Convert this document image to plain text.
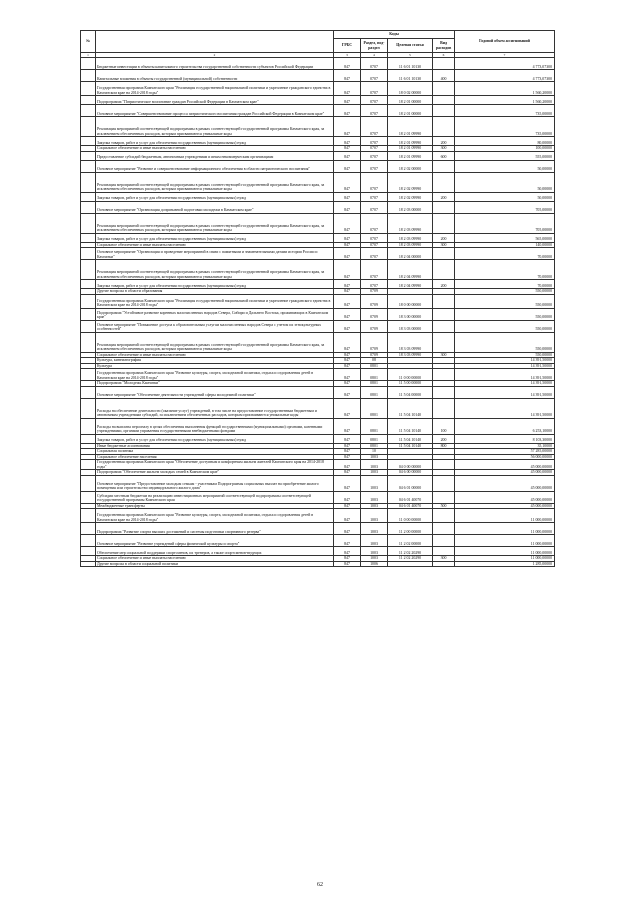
№		Коды				Годовой объем ассигнований
		ГРБС	Раздел, под-раздел	Целевая статья	Вид расходов	
1	2	3	4	5	6	7
	Бюджетные инвестиции в объекты капитального строительства государственной собственности субъектов Российской Федерации	847	0707	11 6 01 10130		4 773,07300
	Капитальные вложения в объекты государственной (муниципальной) собственности	847	0707	11 6 01 10130	400	4 773,07300
	Государственная программа Камчатского края "Реализация государственной национальной политики и укрепление гражданского единства в Камчатском крае на 2014-2018 годы"	847	0707	18 0 02 00000		1 560,20000
	Подпрограмма "Патриотическое воспитание граждан Российской Федерации в Камчатском крае"	847	0707	18 2 01 00000		1 560,20000
	Основное мероприятие "Совершенствование процесса патриотического воспитания граждан Российской Федерации в Камчатском крае"	847	0707	18 2 01 00000		735,00000
	Реализация мероприятий соответствующей подпрограммы в рамках соответствующей государственной программы Камчатского края, за исключением обеспеченных расходов, которым присваиваются уникальные коды	847	0707	18 2 01 09990		735,00000
	Закупка товаров, работ и услуг для обеспечения государственных (муниципальных) нужд	847	0707	18 2 01 09990	200	80,00000
	Социальное обеспечение и иные выплаты населению	847	0707	18 2 01 09990	300	100,00000
	Предоставление субсидий бюджетным, автономным учреждениям и иным некоммерческим организациям	847	0707	18 2 01 09990	600	555,00000
	Основное мероприятие "Развитие и совершенствование информационного обеспечения в области патриотического воспитания"	847	0707	18 2 02 00000		50,00000
	Реализация мероприятий соответствующей подпрограммы в рамках соответствующей государственной программы Камчатского края, за исключением обеспеченных расходов, которым присваиваются уникальные коды	847	0707	18 2 02 09990		50,00000
	Закупка товаров, работ и услуг для обеспечения государственных (муниципальных) нужд	847	0707	18 2 02 09990	200	50,00000
	Основное мероприятие "Организация допризывной подготовки молодежи в Камчатском крае"	847	0707	18 2 03 00000		705,00000
	Реализация мероприятий соответствующей подпрограммы в рамках соответствующей государственной программы Камчатского края, за исключением обеспеченных расходов, которым присваиваются уникальные коды	847	0707	18 2 03 09990		705,00000
	Закупка товаров, работ и услуг для обеспечения государственных (муниципальных) нужд	847	0707	18 2 03 09990	200	565,00000
	Социальное обеспечение и иные выплаты населению	847	0707	18 2 03 09990	300	140,00000
	Основное мероприятие "Организация и проведение мероприятий в связи с памятными и знаменательными датами истории России и Камчатки"	847	0707	18 2 04 00000		70,00000
	Реализация мероприятий соответствующей подпрограммы в рамках соответствующей государственной программы Камчатского края, за исключением обеспеченных расходов, которым присваиваются уникальные коды	847	0707	18 2 04 09990		70,00000
	Закупка товаров, работ и услуг для обеспечения государственных (муниципальных) нужд	847	0707	18 2 04 09990	200	70,00000
	Другие вопросы в области образования	847	0709			550,00000
	Государственная программа Камчатского края "Реализация государственной национальной политики и укрепление гражданского единства в Камчатском крае на 2014-2018 годы"	847	0709	18 0 00 00000		550,00000
	Подпрограмма "Устойчивое развитие коренных малочисленных народов Севера, Сибири и Дальнего Востока, проживающих в Камчатском крае"	847	0709	18 3 00 00000		550,00000
	Основное мероприятие "Повышение доступа к образовательным услугам малочисленных народов Севера с учетом их этнокультурных особенностей"	847	0709	18 3 03 00000		550,00000
	Реализация мероприятий соответствующей подпрограммы в рамках соответствующей государственной программы Камчатского края, за исключением обеспеченных расходов, которым присваиваются уникальные коды	847	0709	18 3 03 09990		550,00000
	Социальное обеспечение и иные выплаты населению	847	0709	18 3 03 09990	300	550,00000
	Культура, кинематография	847	08			14 391,50000
	Культура	847	0801			14 391,50000
	Государственная программа Камчатского края "Развитие культуры, спорта, молодежной политики, отдыха и оздоровления детей в Камчатском крае на 2014-2018 годы"	847	0801	11 0 00 00000		14 391,50000
	Подпрограмма "Молодежь Камчатки"	847	0801	11 5 00 00000		14 391,50000
	Основное мероприятие "Обеспечение деятельности учреждений сферы молодежной политики"	847	0801	11 5 04 00000		14 391,50000
	Расходы на обеспечение деятельности (оказание услуг) учреждений, в том числе на предоставление государственным бюджетным и автономным учреждениям субсидий, за исключением обеспеченных расходов, которым присваиваются уникальные коды	847	0801	11 5 04 10140		14 391,50000
	Расходы на выплаты персоналу в целях обеспечения выполнения функций государственными (муниципальными) органами, казенными учреждениями, органами управления государственными внебюджетными фондами	847	0801	11 5 04 10140	100	6 253,10000
	Закупка товаров, работ и услуг для обеспечения государственных (муниципальных) нужд	847	0801	11 5 04 10140	200	8 103,30000
	Иные бюджетные ассигнования	847	0801	11 5 04 10140	800	35,10000
	Социальная политика	847	10			57 285,00000
	Социальное обеспечение населения	847	1003			56 000,00000
	Государственная программа Камчатского края "Обеспечение доступным и комфортным жильем жителей Камчатского края на 2014-2018 годы"	847	1003	04 0 00 00000		45 000,00000
	Подпрограмма "Обеспечение жильем молодых семей в Камчатском крае"	847	1003	04 6 00 00000		45 000,00000
	Основное мероприятие "Предоставление молодым семьям - участникам Подпрограммы социальных выплат на приобретение жилого помещения или строительство индивидуального жилого дома"	847	1003	04 6 01 00000		45 000,00000
	Субсидии местным бюджетам на реализацию инвестиционных мероприятий соответствующей подпрограммы соответствующей государственной программы Камчатского края	847	1003	04 6 01 40070		45 000,00000
	Межбюджетные трансферты	847	1003	04 6 01 40070	500	45 000,00000
	Государственная программа Камчатского края "Развитие культуры, спорта, молодежной политики, отдыха и оздоровления детей в Камчатском крае на 2014-2018 годы"	847	1003	11 0 00 00000		11 000,00000
	Подпрограмма "Развитие спорта высших достижений и системы подготовки спортивного резерва"	847	1003	11 2 00 00000		11 000,00000
	Основное мероприятие "Развитие учреждений сферы физической культуры и спорта"	847	1003	11 2 02 00000		11 000,00000
	Обеспечение мер социальной поддержки спортсменов, их тренеров, а также спортсменов-ведущих	847	1003	11 2 02 20290		11 000,00000
	Социальное обеспечение и иные выплаты населению	847	1003	11 2 02 20290	300	11 000,00000
	Другие вопросы в области социальной политики	847	1006			1 285,00000
62
